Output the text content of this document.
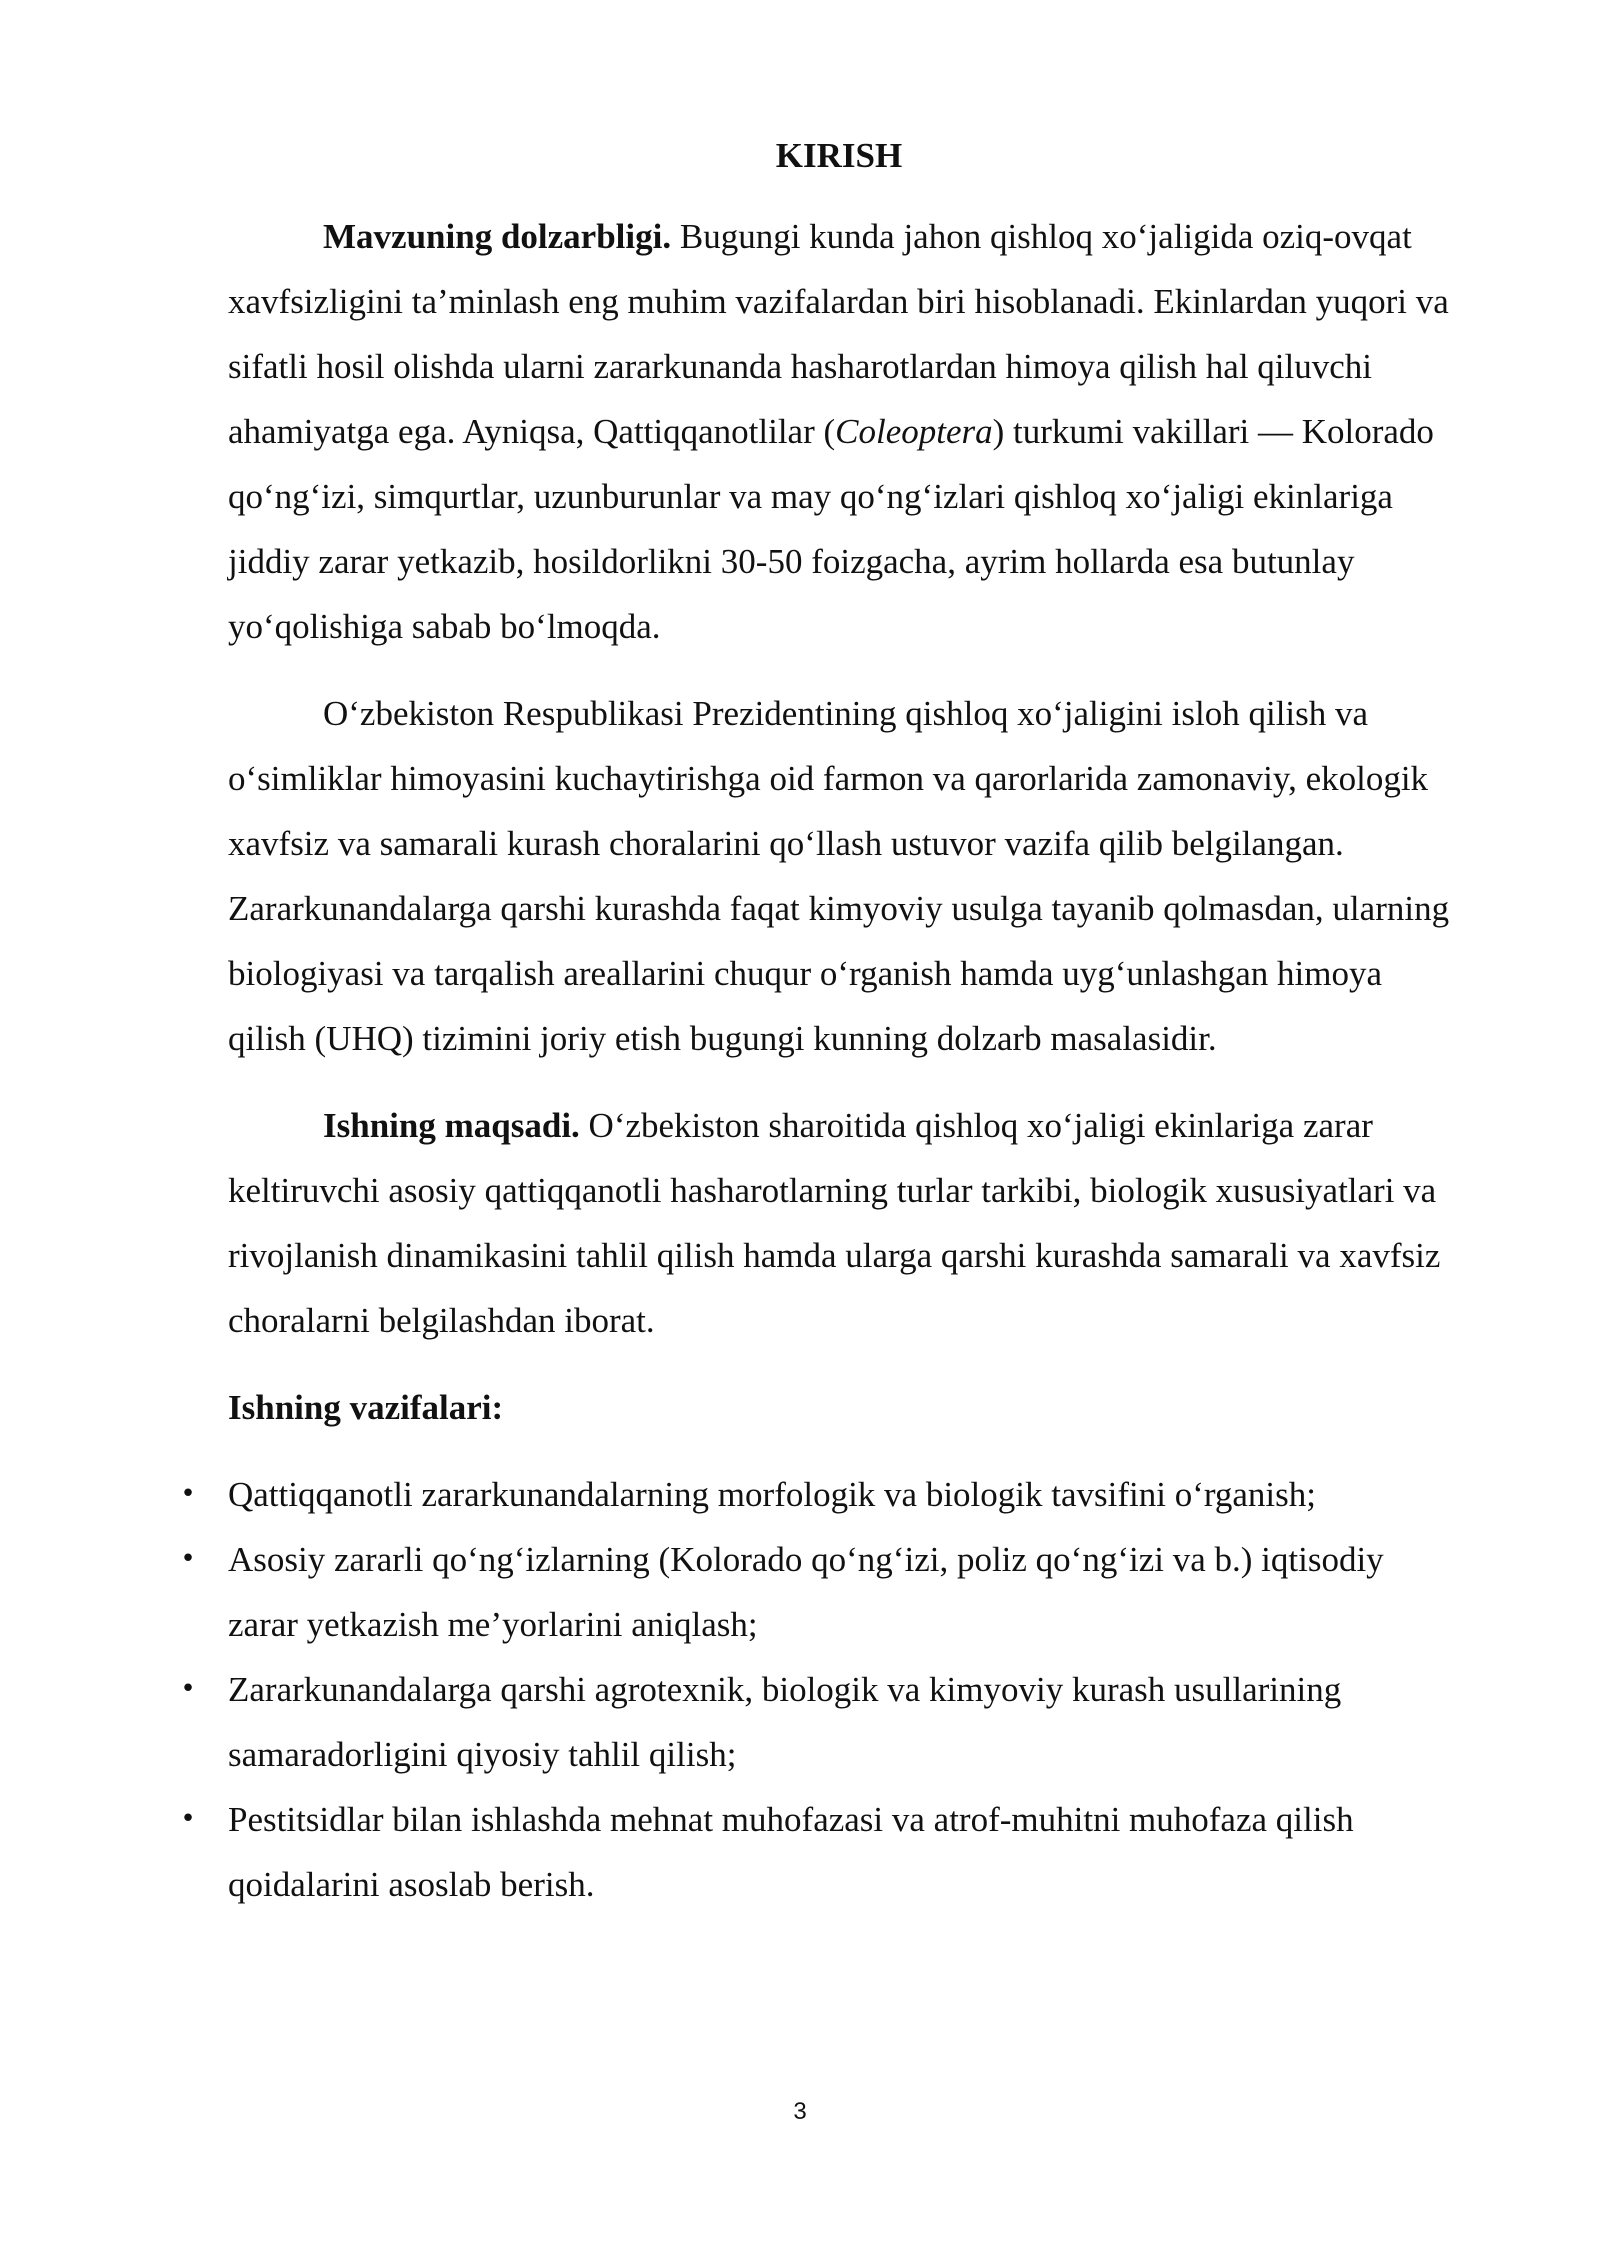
KIRISH

Mavzuning dolzarbligi. Bugungi kunda jahon qishloq xo‘jaligida oziq-ovqat xavfsizligini ta’minlash eng muhim vazifalardan biri hisoblanadi. Ekinlardan yuqori va sifatli hosil olishda ularni zararkunanda hasharotlardan himoya qilish hal qiluvchi ahamiyatga ega. Ayniqsa, Qattiqqanotlilar (Coleoptera) turkumi vakillari — Kolorado qo‘ng‘izi, simqurtlar, uzunburunlar va may qo‘ng‘izlari qishloq xo‘jaligi ekinlariga jiddiy zarar yetkazib, hosildorlikni 30-50 foizgacha, ayrim hollarda esa butunlay yo‘qolishiga sabab bo‘lmoqda.

O‘zbekiston Respublikasi Prezidentining qishloq xo‘jaligini isloh qilish va o‘simliklar himoyasini kuchaytirishga oid farmon va qarorlarida zamonaviy, ekologik xavfsiz va samarali kurash choralarini qo‘llash ustuvor vazifa qilib belgilangan. Zararkunandalarga qarshi kurashda faqat kimyoviy usulga tayanib qolmasdan, ularning biologiyasi va tarqalish areallarini chuqur o‘rganish hamda uyg‘unlashgan himoya qilish (UHQ) tizimini joriy etish bugungi kunning dolzarb masalasidir.

Ishning maqsadi. O‘zbekiston sharoitida qishloq xo‘jaligi ekinlariga zarar keltiruvchi asosiy qattiqqanotli hasharotlarning turlar tarkibi, biologik xususiyatlari va rivojlanish dinamikasini tahlil qilish hamda ularga qarshi kurashda samarali va xavfsiz choralarni belgilashdan iborat.

Ishning vazifalari:

• Qattiqqanotli zararkunandalarning morfologik va biologik tavsifini o‘rganish;
• Asosiy zararli qo‘ng‘izlarning (Kolorado qo‘ng‘izi, poliz qo‘ng‘izi va b.) iqtisodiy zarar yetkazish me’yorlarini aniqlash;
• Zararkunandalarga qarshi agrotexnik, biologik va kimyoviy kurash usullarining samaradorligini qiyosiy tahlil qilish;
• Pestitsidlar bilan ishlashda mehnat muhofazasi va atrof-muhitni muhofaza qilish qoidalarini asoslab berish.
3
